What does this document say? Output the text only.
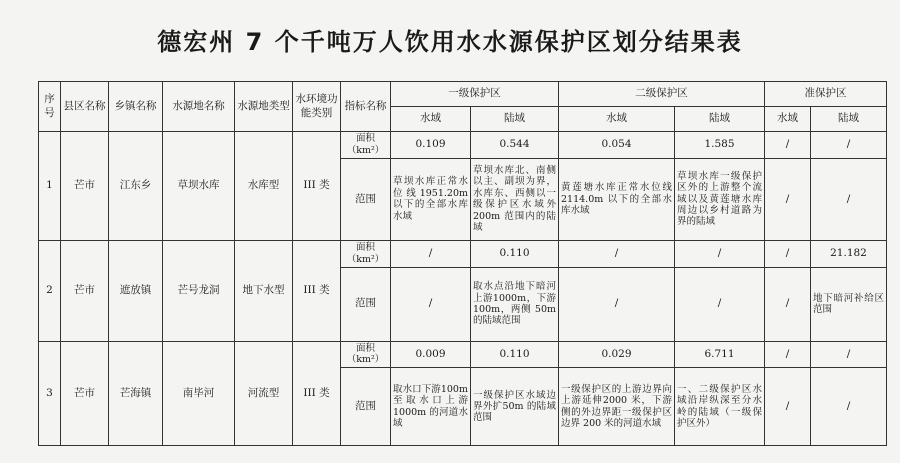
德宏州 7 个千吨万人饮用水水源保护区划分结果表
序号	县区名称	乡镇名称	水源地名称	水源地类型	水环境功能类别	指标名称	一级保护区		二级保护区		准保护区	
							水域	陆域	水域	陆域	水域	陆域
1	芒市	江东乡	草坝水库	水库型	III 类	面积（km²）	0.109	0.544	0.054	1.585	/	/
						范围	草坝水库正常水位线1951.20m 以下的全部水库水域	草坝水库北、南侧以主、副坝为界，水库东、西侧以一级保护区水域外 200m 范围内的陆域	黄莲塘水库正常水位线 2114.0m 以下的全部水库水域	草坝水库一级保护区外的上游整个流域以及黄莲塘水库周边以乡村道路为界的陆域	/	/
2	芒市	遮放镇	芒号龙洞	地下水型	III 类	面积（km²）	/	0.110	/	/	/	21.182
						范围	/	取水点沿地下暗河上游1000m，下游100m，两侧 50m 的陆域范围	/	/	/	地下暗河补给区范围
3	芒市	芒海镇	南毕河	河流型	III 类	面积（km²）	0.009	0.110	0.029	6.711	/	/
						范围	取水口下游100m 至取水口上游1000m 的河道水域	一级保护区水域边界外扩50m 的陆域范围	一级保护区的上游边界向上游延伸2000 米，下游侧的外边界距一级保护区边界 200 米的河道水域	一、二级保护区水域沿岸纵深至分水岭的陆域（一级保护区外）	/	/
